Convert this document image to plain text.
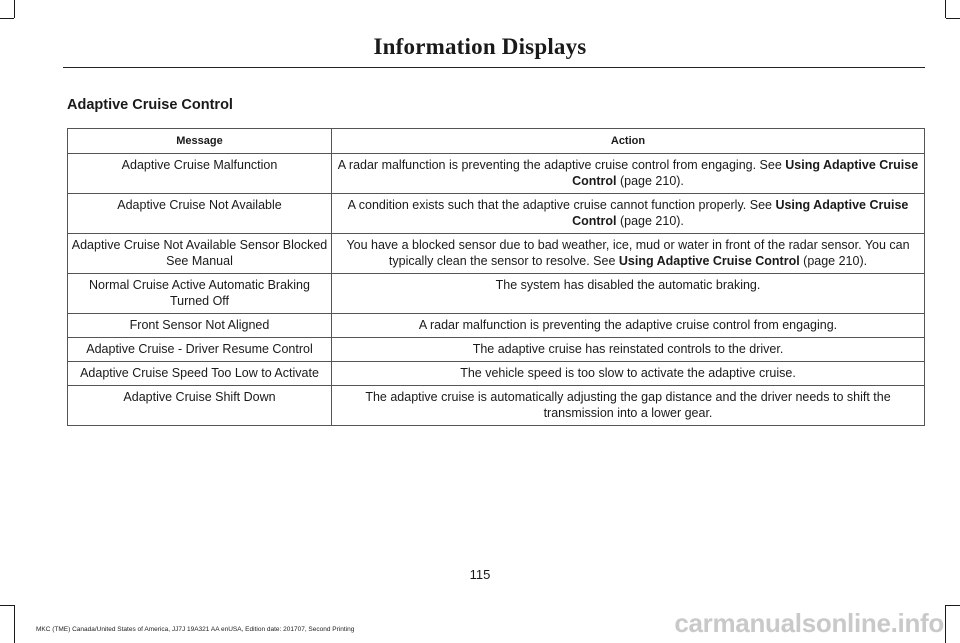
Information Displays
Adaptive Cruise Control
Message	Action
Adaptive Cruise Malfunction	A radar malfunction is preventing the adaptive cruise control from engaging. See Using Adaptive Cruise Control (page 210).
Adaptive Cruise Not Available	A condition exists such that the adaptive cruise cannot function properly. See Using Adaptive Cruise Control (page 210).
Adaptive Cruise Not Available Sensor Blocked See Manual	You have a blocked sensor due to bad weather, ice, mud or water in front of the radar sensor. You can typically clean the sensor to resolve. See Using Adaptive Cruise Control (page 210).
Normal Cruise Active Automatic Braking Turned Off	The system has disabled the automatic braking.
Front Sensor Not Aligned	A radar malfunction is preventing the adaptive cruise control from engaging.
Adaptive Cruise - Driver Resume Control	The adaptive cruise has reinstated controls to the driver.
Adaptive Cruise Speed Too Low to Activate	The vehicle speed is too slow to activate the adaptive cruise.
Adaptive Cruise Shift Down	The adaptive cruise is automatically adjusting the gap distance and the driver needs to shift the transmission into a lower gear.
115
MKC (TME) Canada/United States of America, JJ7J 19A321 AA enUSA, Edition date: 201707, Second Printing	carmanualsonline.info
